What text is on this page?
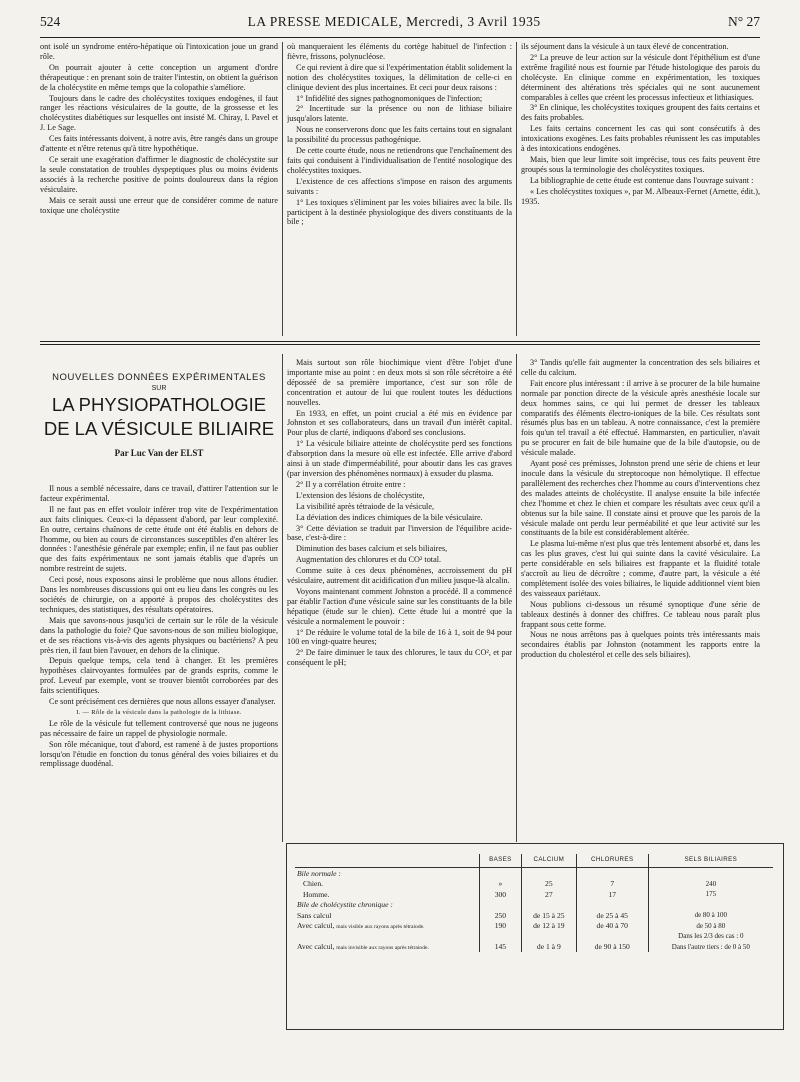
524	LA PRESSE MEDICALE, Mercredi, 3 Avril 1935	N° 27

ont isolé un syndrome entéro-hépatique où l'intoxication joue un grand rôle.

On pourrait ajouter à cette conception un argument d'ordre thérapeutique : en prenant soin de traiter l'intestin, on obtient la guérison de la cholécystite en même temps que la colopathie s'améliore.

Toujours dans le cadre des cholécystites toxiques endogènes, il faut ranger les réactions vésiculaires de la goutte, de la grossesse et les cholécystites diabétiques sur lesquelles ont insisté M. Chiray, I. Pavel et J. Le Sage.

Ces faits intéressants doivent, à notre avis, être rangés dans un groupe d'attente et n'être retenus qu'à titre hypothétique.

Ce serait une exagération d'affirmer le diagnostic de cholécystite sur la seule constatation de troubles dyspeptiques plus ou moins évidents associés à la recherche positive de points douloureux dans la région vésiculaire.

Mais ce serait aussi une erreur que de considérer comme de nature toxique une cholécystite

où manqueraient les éléments du cortège habituel de l'infection : fièvre, frissons, polynucléose.

Ce qui revient à dire que si l'expérimentation établit solidement la notion des cholécystites toxiques, la délimitation de celle-ci en clinique devient des plus incertaines. Et ceci pour deux raisons :

1° Infidélité des signes pathognomoniques de l'infection;

2° Incertitude sur la présence ou non de lithiase biliaire jusqu'alors latente.

Nous ne conserverons donc que les faits certains tout en signalant la possibilité du processus pathogénique.

De cette courte étude, nous ne retiendrons que l'enchaînement des faits qui conduisent à l'individualisation de l'entité nosologique des cholécystites toxiques.

L'existence de ces affections s'impose en raison des arguments suivants :

1° Les toxiques s'éliminent par les voies biliaires avec la bile. Ils participent à la destinée physiologique des divers constituants de la bile ;

ils séjournent dans la vésicule à un taux élevé de concentration.

2° La preuve de leur action sur la vésicule dont l'épithélium est d'une extrême fragilité nous est fournie par l'étude histologique des parois du cholécyste. En clinique comme en expérimentation, les toxiques déterminent des altérations très spéciales qui ne sont aucunement comparables à celles que créent les processus infectieux et lithiasiques.

3° En clinique, les cholécystites toxiques groupent des faits certains et des faits probables.

Les faits certains concernent les cas qui sont consécutifs à des intoxications exogènes. Les faits probables réunissent les cas imputables à des intoxications endogènes.

Mais, bien que leur limite soit imprécise, tous ces faits peuvent être groupés sous la terminologie des cholécystites toxiques.

La bibliographie de cette étude est contenue dans l'ouvrage suivant :

« Les cholécystites toxiques », par M. Albeaux-Fernet (Arnette, édit.), 1935.

NOUVELLES DONNÉES EXPÉRIMENTALES
SUR
LA PHYSIOPATHOLOGIE
DE LA VÉSICULE BILIAIRE
Par Luc Van der ELST

Il nous a semblé nécessaire, dans ce travail, d'attirer l'attention sur le facteur expérimental.

Il ne faut pas en effet vouloir inférer trop vite de l'expérimentation aux faits cliniques. Ceux-ci la dépassent d'abord, par leur complexité. En outre, certains chaînons de cette étude ont été établis en dehors de l'homme, ou bien au cours de circonstances susceptibles d'en altérer les données : l'anesthésie générale par exemple; enfin, il ne faut pas oublier que des faits expérimentaux ne sont jamais établis que d'après un nombre restreint de sujets.

Ceci posé, nous exposons ainsi le problème que nous allons étudier. Dans les nombreuses discussions qui ont eu lieu dans les congrès ou les sociétés de chirurgie, on a apporté à propos des cholécystites des techniques, des statistiques, des résultats opératoires.

Mais que savons-nous jusqu'ici de certain sur le rôle de la vésicule dans la pathologie du foie? Que savons-nous de son milieu biologique, et de ses réactions vis-à-vis des agents physiques ou bactériens? A peu près rien, il faut bien l'avouer, en dehors de la clinique.

Depuis quelque temps, cela tend à changer. Et les premières hypothèses clairvoyantes formulées par de grands esprits, comme le prof. Leveuf par exemple, vont se trouver bientôt corroborées par des faits scientifiques.

Ce sont précisément ces dernières que nous allons essayer d'analyser.

I. — Rôle de la vésicule dans la pathologie de la lithiase.

Le rôle de la vésicule fut tellement controversé que nous ne jugeons pas nécessaire de faire un rappel de physiologie normale.

Son rôle mécanique, tout d'abord, est ramené à de justes proportions lorsqu'on l'étudie en fonction du tonus général des voies biliaires et du remplissage duodénal.

Mais surtout son rôle biochimique vient d'être l'objet d'une importante mise au point : en deux mots si son rôle sécrétoire a été déposséé de sa première importance, c'est sur son rôle de concentration et autour de lui que roulent toutes les déductions nouvelles.

En 1933, en effet, un point crucial a été mis en évidence par Johnston et ses collaborateurs, dans un travail d'un intérêt capital. Pour plus de clarté, indiquons d'abord ses conclusions.

1° La vésicule biliaire atteinte de cholécystite perd ses fonctions d'absorption dans la mesure où elle est infectée. Elle arrive d'abord ainsi à un stade d'imperméabilité, pour aboutir dans les cas graves (par inversion des phénomènes normaux) à exsuder du plasma.

2° Il y a corrélation étroite entre :

L'extension des lésions de cholécystite,

La visibilité après tétraiode de la vésicule,

La déviation des indices chimiques de la bile vésiculaire.

3° Cette déviation se traduit par l'inversion de l'équilibre acide-base, c'est-à-dire :

Diminution des bases calcium et sels biliaires,

Augmentation des chlorures et du CO² total.

Comme suite à ces deux phénomènes, accroissement du pH vésiculaire, autrement dit acidification d'un milieu jusque-là alcalin.

Voyons maintenant comment Johnston a procédé. Il a commencé par établir l'action d'une vésicule saine sur les constituants de la bile hépatique (étude sur le chien). Cette étude lui a montré que la vésicule a normalement le pouvoir :

1° De réduire le volume total de la bile de 16 à 1, soit de 94 pour 100 en vingt-quatre heures;

2° De faire diminuer le taux des chlorures, le taux du CO², et par conséquent le pH;

3° Tandis qu'elle fait augmenter la concentration des sels biliaires et celle du calcium.

Fait encore plus intéressant : il arrive à se procurer de la bile humaine normale par ponction directe de la vésicule après anesthésie locale sur deux hommes sains, ce qui lui permet de dresser les tableaux comparatifs des éléments électro-ioniques de la bile. Ces résultats sont résumés plus bas en un tableau. A notre connaissance, c'est la première fois qu'un tel travail a été effectué. Hammarsten, en particulier, n'avait pu se procurer en fait de bile humaine que de la bile d'autopsie, ou de vésicule malade.

Ayant posé ces prémisses, Johnston prend une série de chiens et leur inocule dans la vésicule du streptocoque non hémolytique. Il effectue parallèlement des recherches chez l'homme au cours d'interventions chez des malades atteints de cholécystite. Il analyse ensuite la bile infectée chez l'homme et chez le chien et compare les résultats avec ceux qu'il a obtenus sur la bile saine. Il constate ainsi et prouve que les parois de la vésicule malade ont perdu leur perméabilité et que leur activité sur les constituants de la bile est considérablement altérée.

Le plasma lui-même n'est plus que très lentement absorbé et, dans les cas les plus graves, c'est lui qui suinte dans la cavité vésiculaire. La perte considérable en sels biliaires est frappante et la fluidité totale s'accroît au lieu de décroître ; comme, d'autre part, la vésicule a été complètement isolée des voies biliaires, le liquide additionnel vient bien des vaisseaux pariétaux.

Nous publions ci-dessous un résumé synoptique d'une série de tableaux destinés à donner des chiffres. Ce tableau nous paraît plus frappant sous cette forme.

Nous ne nous arrêtons pas à quelques points très intéressants mais secondaires établis par Johnston (notamment les rapports entre la production du cholestérol et celle des sels biliaires).

	BASES	CALCIUM	CHLORURES	SELS BILIAIRES
Bile normale :				
Chien.	»	25	7	240
Homme.	300	27	17	175
Bile de cholécystite chronique :				
Sans calcul	250	de 15 à 25	de 25 à 45	de 80 à 100
Avec calcul, mais visible aux rayons après tétraiode.	190	de 12 à 19	de 40 à 70	de 50 à 80
				Dans les 2/3 des cas : 0
Avec calcul, mais invisible aux rayons après tétraiode.	145	de 1 à 9	de 90 à 150	Dans l'autre tiers : de 0 à 50
